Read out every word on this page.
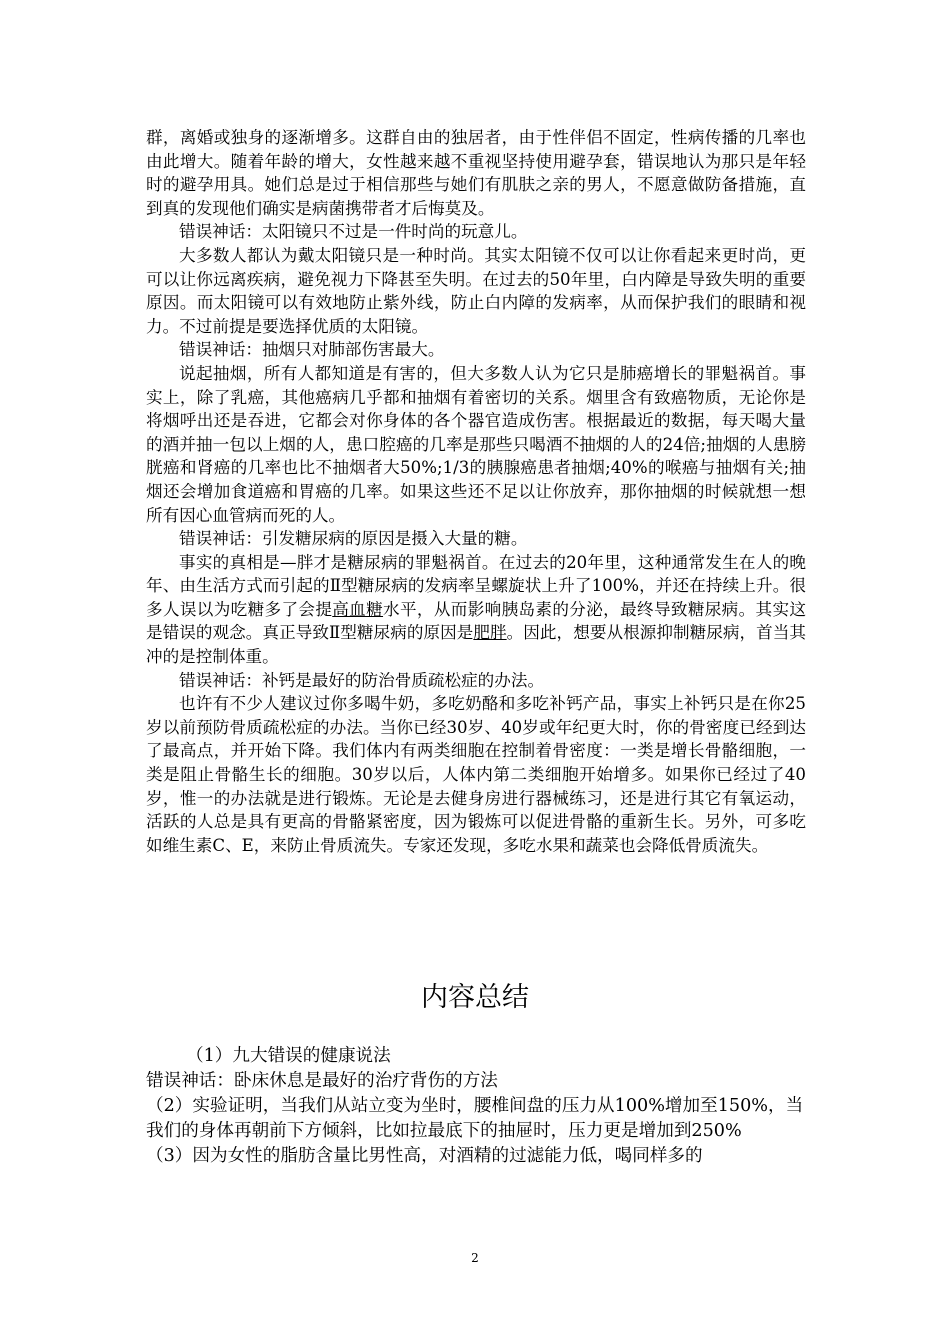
群，离婚或独身的逐渐增多。这群自由的独居者，由于性伴侣不固定，性病传播的几率也由此增大。随着年龄的增大，女性越来越不重视坚持使用避孕套，错误地认为那只是年轻时的避孕用具。她们总是过于相信那些与她们有肌肤之亲的男人，不愿意做防备措施，直到真的发现他们确实是病菌携带者才后悔莫及。

错误神话：太阳镜只不过是一件时尚的玩意儿。

大多数人都认为戴太阳镜只是一种时尚。其实太阳镜不仅可以让你看起来更时尚，更可以让你远离疾病，避免视力下降甚至失明。在过去的50年里，白内障是导致失明的重要原因。而太阳镜可以有效地防止紫外线，防止白内障的发病率，从而保护我们的眼睛和视力。不过前提是要选择优质的太阳镜。

错误神话：抽烟只对肺部伤害最大。

说起抽烟，所有人都知道是有害的，但大多数人认为它只是肺癌增长的罪魁祸首。事实上，除了乳癌，其他癌病几乎都和抽烟有着密切的关系。烟里含有致癌物质，无论你是将烟呼出还是吞进，它都会对你身体的各个器官造成伤害。根据最近的数据，每天喝大量的酒并抽一包以上烟的人，患口腔癌的几率是那些只喝酒不抽烟的人的24倍;抽烟的人患膀胱癌和肾癌的几率也比不抽烟者大50%;1/3的胰腺癌患者抽烟;40%的喉癌与抽烟有关;抽烟还会增加食道癌和胃癌的几率。如果这些还不足以让你放弃，那你抽烟的时候就想一想所有因心血管病而死的人。

错误神话：引发糖尿病的原因是摄入大量的糖。

事实的真相是—胖才是糖尿病的罪魁祸首。在过去的20年里，这种通常发生在人的晚年、由生活方式而引起的Ⅱ型糖尿病的发病率呈螺旋状上升了100%，并还在持续上升。很多人误以为吃糖多了会提高血糖水平，从而影响胰岛素的分泌，最终导致糖尿病。其实这是错误的观念。真正导致Ⅱ型糖尿病的原因是肥胖。因此，想要从根源抑制糖尿病，首当其冲的是控制体重。

错误神话：补钙是最好的防治骨质疏松症的办法。

也许有不少人建议过你多喝牛奶，多吃奶酪和多吃补钙产品，事实上补钙只是在你25岁以前预防骨质疏松症的办法。当你已经30岁、40岁或年纪更大时，你的骨密度已经到达了最高点，并开始下降。我们体内有两类细胞在控制着骨密度：一类是增长骨骼细胞，一类是阻止骨骼生长的细胞。30岁以后，人体内第二类细胞开始增多。如果你已经过了40岁，惟一的办法就是进行锻炼。无论是去健身房进行器械练习，还是进行其它有氧运动，活跃的人总是具有更高的骨骼紧密度，因为锻炼可以促进骨骼的重新生长。另外，可多吃如维生素C、E，来防止骨质流失。专家还发现，多吃水果和蔬菜也会降低骨质流失。

内容总结

（1）九大错误的健康说法

错误神话：卧床休息是最好的治疗背伤的方法

（2）实验证明，当我们从站立变为坐时，腰椎间盘的压力从100%增加至150%，当我们的身体再朝前下方倾斜，比如拉最底下的抽屉时，压力更是增加到250%

（3）因为女性的脂肪含量比男性高，对酒精的过滤能力低，喝同样多的

2
